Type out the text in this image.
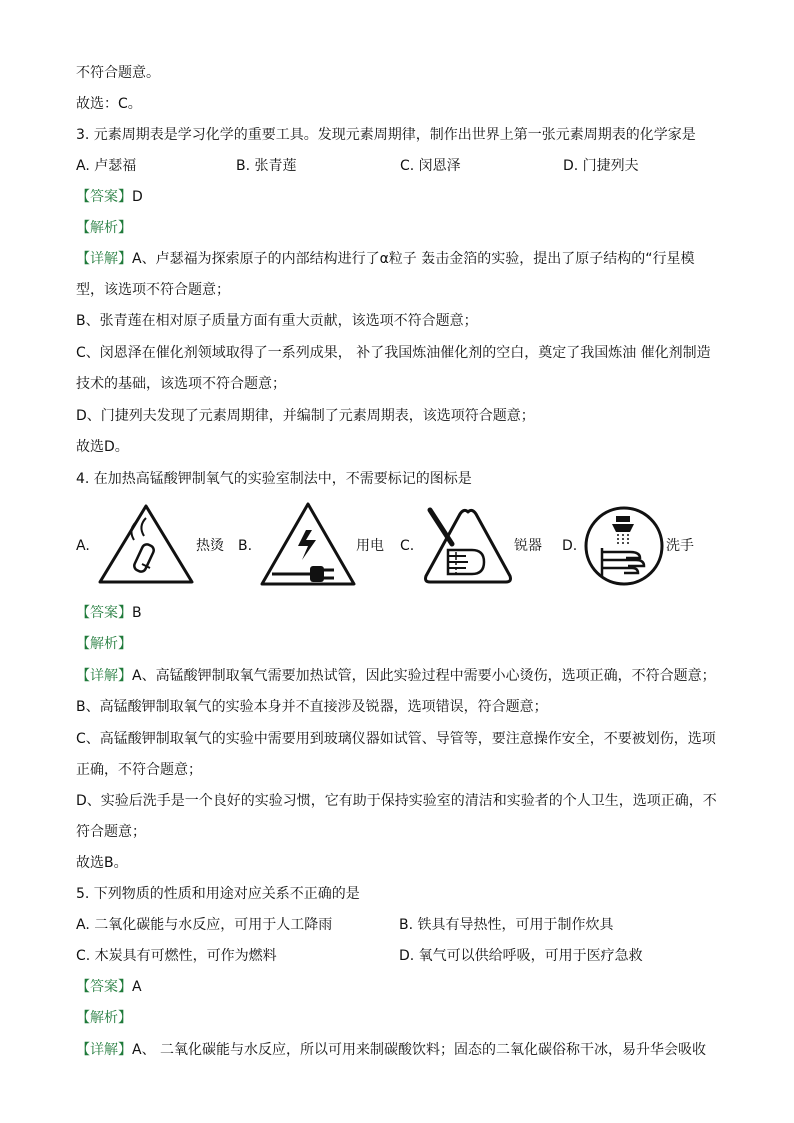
不符合题意。
故选：C。
3. 元素周期表是学习化学的重要工具。发现元素周期律，制作出世界上第一张元素周期表的化学家是
A. 卢瑟福	B. 张青莲	C. 闵恩泽	D. 门捷列夫
【答案】D
【解析】
【详解】A、卢瑟福为探索原子的内部结构进行了α粒子 轰击金箔的实验，提出了原子结构的“行星模
型，该选项不符合题意；
B、张青莲在相对原子质量方面有重大贡献，该选项不符合题意；
C、闵恩泽在催化剂领域取得了一系列成果， 补了我国炼油催化剂的空白，奠定了我国炼油 催化剂制造
技术的基础，该选项不符合题意；
D、门捷列夫发现了元素周期律，并编制了元素周期表，该选项符合题意；
故选D。
4. 在加热高锰酸钾制氧气的实验室制法中，不需要标记的图标是
A.	热烫 B.	用电 C.	锐器 D.	洗手
【答案】B
【解析】
【详解】A、高锰酸钾制取氧气需要加热试管，因此实验过程中需要小心烫伤，选项正确，不符合题意；
B、高锰酸钾制取氧气的实验本身并不直接涉及锐器，选项错误，符合题意；
C、高锰酸钾制取氧气的实验中需要用到玻璃仪器如试管、导管等，要注意操作安全，不要被划伤，选项
正确，不符合题意；
D、实验后洗手是一个良好的实验习惯，它有助于保持实验室的清洁和实验者的个人卫生，选项正确，不
符合题意；
故选B。
5. 下列物质的性质和用途对应关系不正确的是
A. 二氧化碳能与水反应，可用于人工降雨	B. 铁具有导热性，可用于制作炊具
C. 木炭具有可燃性，可作为燃料	D. 氧气可以供给呼吸，可用于医疗急救
【答案】A
【解析】
【详解】A、 二氧化碳能与水反应，所以可用来制碳酸饮料；固态的二氧化碳俗称干冰，易升华会吸收
